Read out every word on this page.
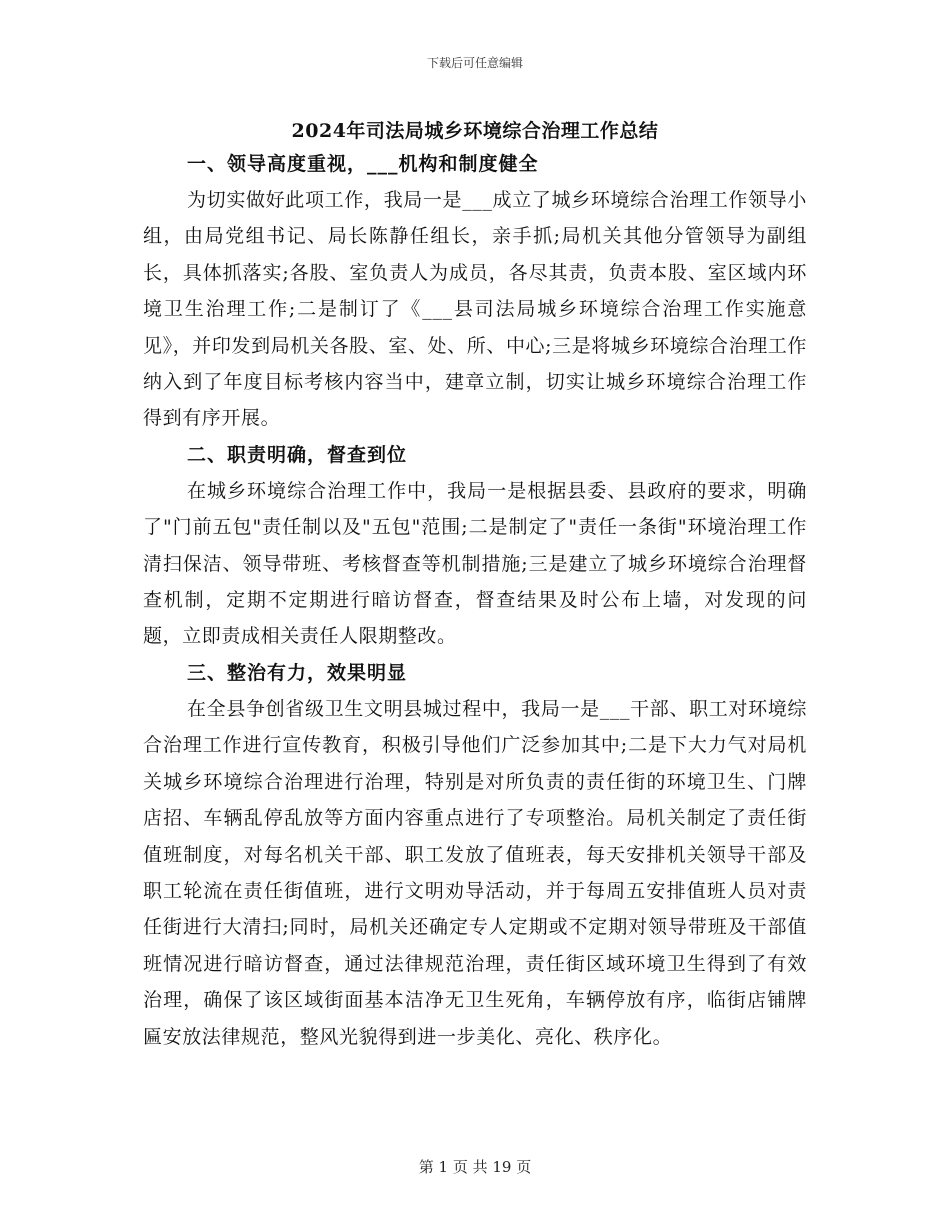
下载后可任意编辑
2024年司法局城乡环境综合治理工作总结

一、领导高度重视，___机构和制度健全

为切实做好此项工作，我局一是___成立了城乡环境综合治理工作领导小组，由局党组书记、局长陈静任组长，亲手抓;局机关其他分管领导为副组长，具体抓落实;各股、室负责人为成员，各尽其责，负责本股、室区域内环境卫生治理工作;二是制订了《___县司法局城乡环境综合治理工作实施意见》，并印发到局机关各股、室、处、所、中心;三是将城乡环境综合治理工作纳入到了年度目标考核内容当中，建章立制，切实让城乡环境综合治理工作得到有序开展。

二、职责明确，督查到位

在城乡环境综合治理工作中，我局一是根据县委、县政府的要求，明确了"门前五包"责任制以及"五包"范围;二是制定了"责任一条街"环境治理工作清扫保洁、领导带班、考核督查等机制措施;三是建立了城乡环境综合治理督查机制，定期不定期进行暗访督查，督查结果及时公布上墙，对发现的问题，立即责成相关责任人限期整改。

三、整治有力，效果明显

在全县争创省级卫生文明县城过程中，我局一是___干部、职工对环境综合治理工作进行宣传教育，积极引导他们广泛参加其中;二是下大力气对局机关城乡环境综合治理进行治理，特别是对所负责的责任街的环境卫生、门牌店招、车辆乱停乱放等方面内容重点进行了专项整治。局机关制定了责任街值班制度，对每名机关干部、职工发放了值班表，每天安排机关领导干部及职工轮流在责任街值班，进行文明劝导活动，并于每周五安排值班人员对责任街进行大清扫;同时，局机关还确定专人定期或不定期对领导带班及干部值班情况进行暗访督查，通过法律规范治理，责任街区域环境卫生得到了有效治理，确保了该区域街面基本洁净无卫生死角，车辆停放有序，临街店铺牌匾安放法律规范，整风光貌得到进一步美化、亮化、秩序化。

第 1 页 共 19 页
